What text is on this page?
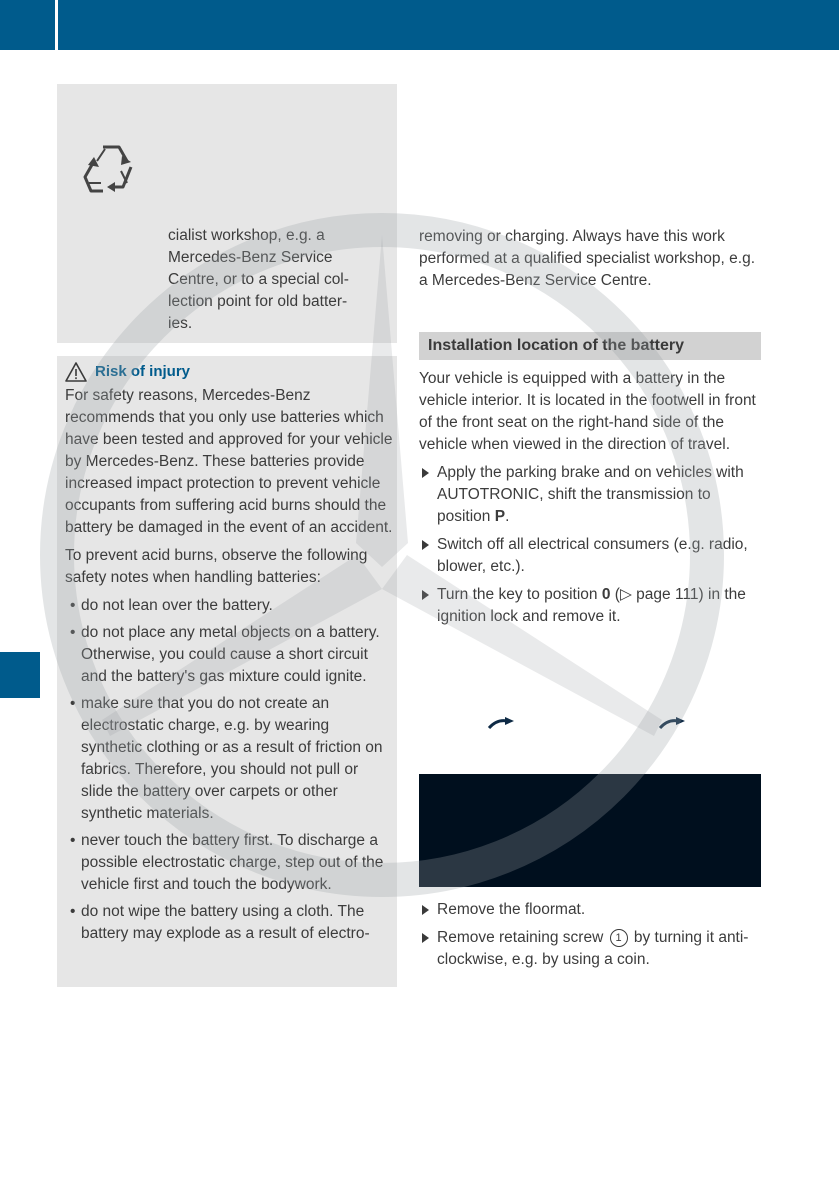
cialist workshop, e.g. a
Mercedes-Benz Service
Centre, or to a special col-
lection point for old batter-
ies.
Risk of injury

For safety reasons, Mercedes-Benz recommends that you only use batteries which have been tested and approved for your vehicle by Mercedes-Benz. These batteries provide increased impact protection to prevent vehicle occupants from suffering acid burns should the battery be damaged in the event of an accident.

To prevent acid burns, observe the following safety notes when handling batteries:

• do not lean over the battery.
• do not place any metal objects on a battery. Otherwise, you could cause a short circuit and the battery's gas mixture could ignite.
• make sure that you do not create an electrostatic charge, e.g. by wearing synthetic clothing or as a result of friction on fabrics. Therefore, you should not pull or slide the battery over carpets or other synthetic materials.
• never touch the battery first. To discharge a possible electrostatic charge, step out of the vehicle first and touch the bodywork.
• do not wipe the battery using a cloth. The battery may explode as a result of electro-

removing or charging. Always have this work performed at a qualified specialist workshop, e.g. a Mercedes-Benz Service Centre.

Installation location of the battery

Your vehicle is equipped with a battery in the vehicle interior. It is located in the footwell in front of the front seat on the right-hand side of the vehicle when viewed in the direction of travel.

Apply the parking brake and on vehicles with AUTOTRONIC, shift the transmission to position P.
Switch off all electrical consumers (e.g. radio, blower, etc.).
Turn the key to position 0 (▷ page 111) in the ignition lock and remove it.
Remove the floormat.
Remove retaining screw 1 by turning it anti-clockwise, e.g. by using a coin.
